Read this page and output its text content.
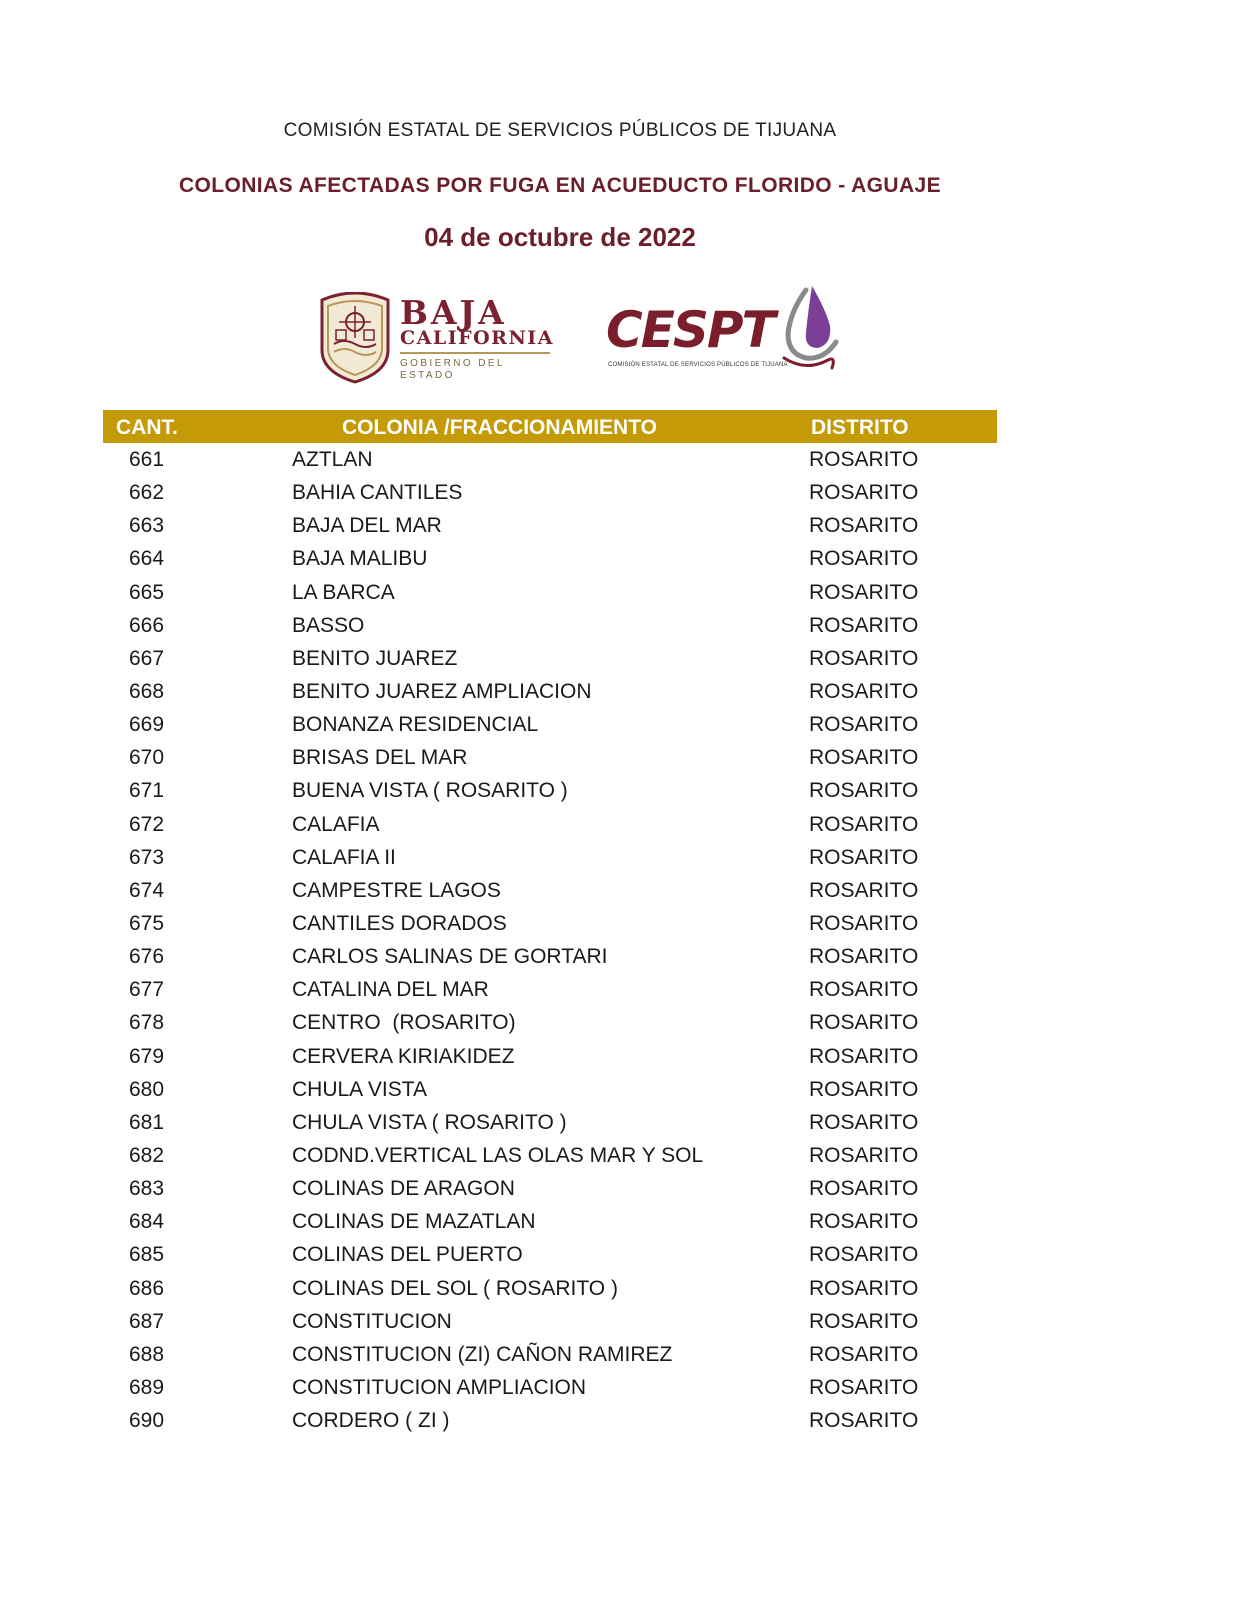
COMISIÓN ESTATAL DE SERVICIOS PÚBLICOS DE TIJUANA
COLONIAS AFECTADAS POR FUGA EN ACUEDUCTO FLORIDO - AGUAJE
04 de octubre de 2022
BAJA
CALIFORNIA
GOBIERNO DEL ESTADO
CESPT
COMISIÓN ESTATAL DE SERVICIOS PÚBLICOS DE TIJUANA
CANT.	COLONIA /FRACCIONAMIENTO	DISTRITO
661	AZTLAN	ROSARITO
662	BAHIA CANTILES	ROSARITO
663	BAJA DEL MAR	ROSARITO
664	BAJA MALIBU	ROSARITO
665	LA BARCA	ROSARITO
666	BASSO	ROSARITO
667	BENITO JUAREZ	ROSARITO
668	BENITO JUAREZ AMPLIACION	ROSARITO
669	BONANZA RESIDENCIAL	ROSARITO
670	BRISAS DEL MAR	ROSARITO
671	BUENA VISTA ( ROSARITO )	ROSARITO
672	CALAFIA	ROSARITO
673	CALAFIA II	ROSARITO
674	CAMPESTRE LAGOS	ROSARITO
675	CANTILES DORADOS	ROSARITO
676	CARLOS SALINAS DE GORTARI	ROSARITO
677	CATALINA DEL MAR	ROSARITO
678	CENTRO  (ROSARITO)	ROSARITO
679	CERVERA KIRIAKIDEZ	ROSARITO
680	CHULA VISTA	ROSARITO
681	CHULA VISTA ( ROSARITO )	ROSARITO
682	CODND.VERTICAL LAS OLAS MAR Y SOL	ROSARITO
683	COLINAS DE ARAGON	ROSARITO
684	COLINAS DE MAZATLAN	ROSARITO
685	COLINAS DEL PUERTO	ROSARITO
686	COLINAS DEL SOL ( ROSARITO )	ROSARITO
687	CONSTITUCION	ROSARITO
688	CONSTITUCION (ZI) CAÑON RAMIREZ	ROSARITO
689	CONSTITUCION AMPLIACION	ROSARITO
690	CORDERO ( ZI )	ROSARITO
